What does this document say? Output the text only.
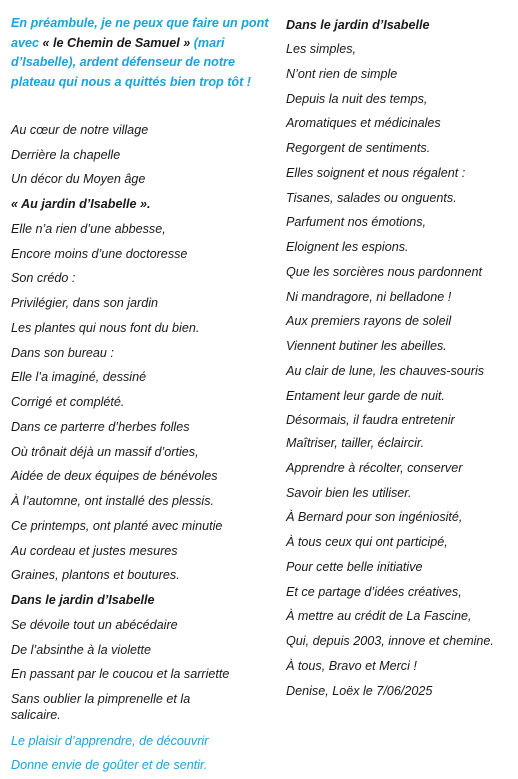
En préambule, je ne peux que faire un pont avec « le Chemin de Samuel » (mari d’Isabelle), ardent défenseur de notre plateau qui nous a quittés bien trop tôt !
Au cœur de notre village
Derrière la chapelle
Un décor du Moyen âge
« Au jardin d’Isabelle ».
Elle n’a rien d’une abbesse,
Encore moins d’une doctoresse
Son crédo :
Privilégier, dans son jardin
Les plantes qui nous font du bien.
Dans son bureau :
Elle l’a imaginé, dessiné
Corrigé et complété.
Dans ce parterre d’herbes folles
Où trônait déjà un massif d’orties,
Aidée de deux équipes de bénévoles
À l’automne, ont installé des plessis.
Ce printemps, ont planté avec minutie
Au cordeau et justes mesures
Graines, plantons et boutures.
Dans le jardin d’Isabelle
Se dévoile tout un abécédaire
De l’absinthe à la violette
En passant par le coucou et la sarriette
Sans oublier la pimprenelle et la salicaire.
Le plaisir d’apprendre, de découvrir
Donne envie de goûter et de sentir.
Dans le jardin d’Isabelle
Les simples,
N’ont rien de simple
Depuis la nuit des temps,
Aromatiques et médicinales
Regorgent de sentiments.
Elles soignent et nous régalent :
Tisanes, salades ou onguents.
Parfument nos émotions,
Eloignent les espions.
Que les sorcières nous pardonnent
Ni mandragore, ni belladone !
Aux premiers rayons de soleil
Viennent butiner les abeilles.
Au clair de lune, les chauves-souris
Entament leur garde de nuit.
Désormais, il faudra entretenir
Maîtriser, tailler, éclaircir.
Apprendre à récolter, conserver
Savoir bien les utiliser.
À Bernard pour son ingéniosité,
À tous ceux qui ont participé,
Pour cette belle initiative
Et ce partage d’idées créatives,
À mettre au crédit de La Fascine,
Qui, depuis 2003, innove et chemine.
À tous, Bravo et Merci !
Denise, Loëx le 7/06/2025
